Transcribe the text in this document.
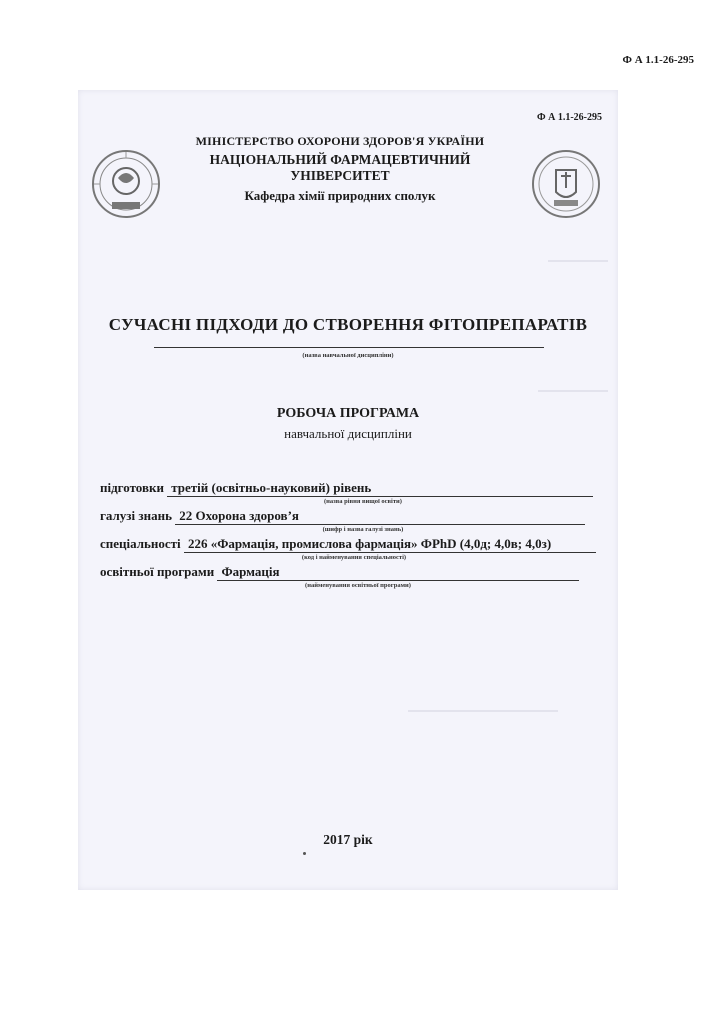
Ф А 1.1-26-295
Ф А 1.1-26-295
МІНІСТЕРСТВО ОХОРОНИ ЗДОРОВ'Я УКРАЇНИ
НАЦІОНАЛЬНИЙ ФАРМАЦЕВТИЧНИЙ УНІВЕРСИТЕТ
Кафедра хімії природних сполук
СУЧАСНІ ПІДХОДИ ДО СТВОРЕННЯ ФІТОПРЕПАРАТІВ
(назва навчальної дисципліни)
РОБОЧА ПРОГРАМА
навчальної дисципліни
підготовки третій (освітньо-науковий) рівень
(назва рівня вищої освіти)
галузі знань 22 Охорона здоров’я
(шифр і назва галузі знань)
спеціальності 226 «Фармація, промислова фармація» ФPhD (4,0д; 4,0в; 4,0з)
(код і найменування спеціальності)
освітньої програми Фармація
(найменування освітньої програми)
2017 рік
